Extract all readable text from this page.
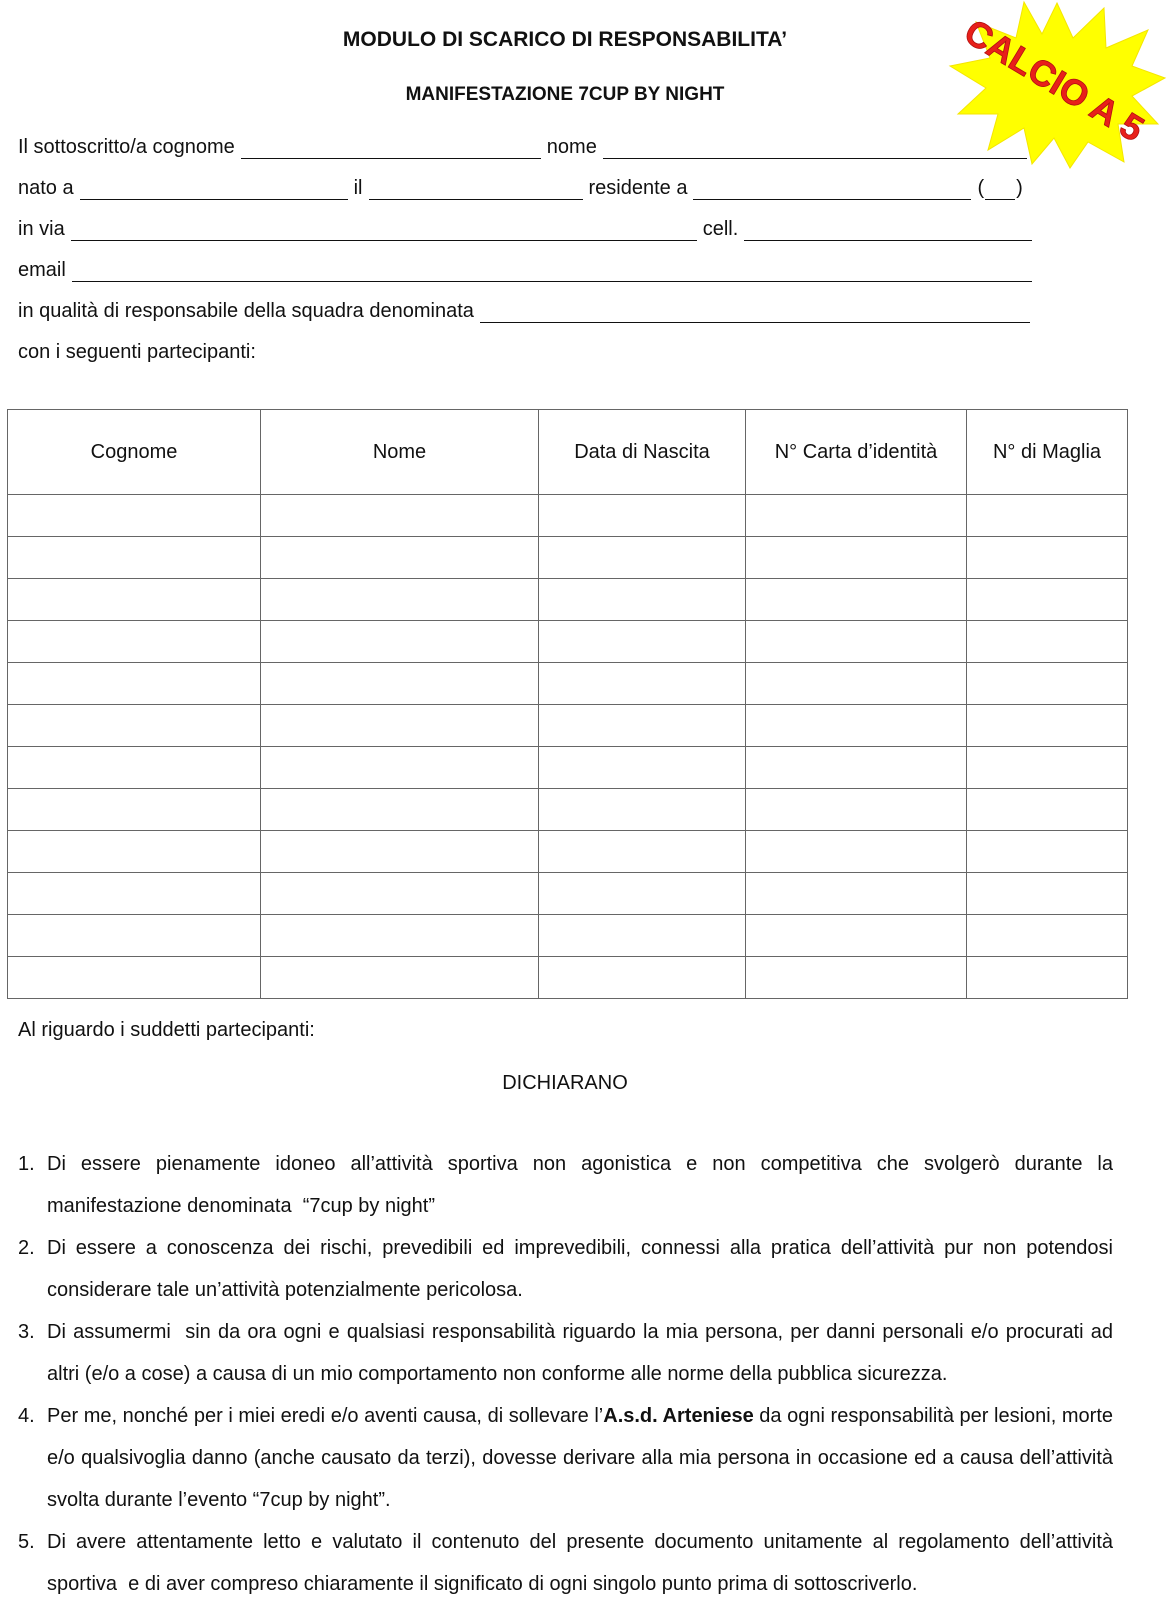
MODULO DI SCARICO DI RESPONSABILITA’
MANIFESTAZIONE 7CUP BY NIGHT	CALCIO A 5
Il sottoscritto/a cognome	nome
nato a	il	residente a	( )
in via	cell.
email
in qualità di responsabile della squadra denominata
con i seguenti partecipanti:
Cognome	Nome	Data di Nascita	N° Carta d’identità	N° di Maglia

Al riguardo i suddetti partecipanti:
DICHIARANO
1. Di essere pienamente idoneo all’attività sportiva non agonistica e non competitiva che svolgerò durante la manifestazione denominata  “7cup by night”
2. Di essere a conoscenza dei rischi, prevedibili ed imprevedibili, connessi alla pratica dell’attività pur non potendosi considerare tale un’attività potenzialmente pericolosa.
3. Di assumermi  sin da ora ogni e qualsiasi responsabilità riguardo la mia persona, per danni personali e/o procurati ad altri (e/o a cose) a causa di un mio comportamento non conforme alle norme della pubblica sicurezza.
4. Per me, nonché per i miei eredi e/o aventi causa, di sollevare l’A.s.d. Arteniese da ogni responsabilità per lesioni, morte e/o qualsivoglia danno (anche causato da terzi), dovesse derivare alla mia persona in occasione ed a causa dell’attività svolta durante l’evento “7cup by night”.
5. Di avere attentamente letto e valutato il contenuto del presente documento unitamente al regolamento dell’attività sportiva  e di aver compreso chiaramente il significato di ogni singolo punto prima di sottoscriverlo.
